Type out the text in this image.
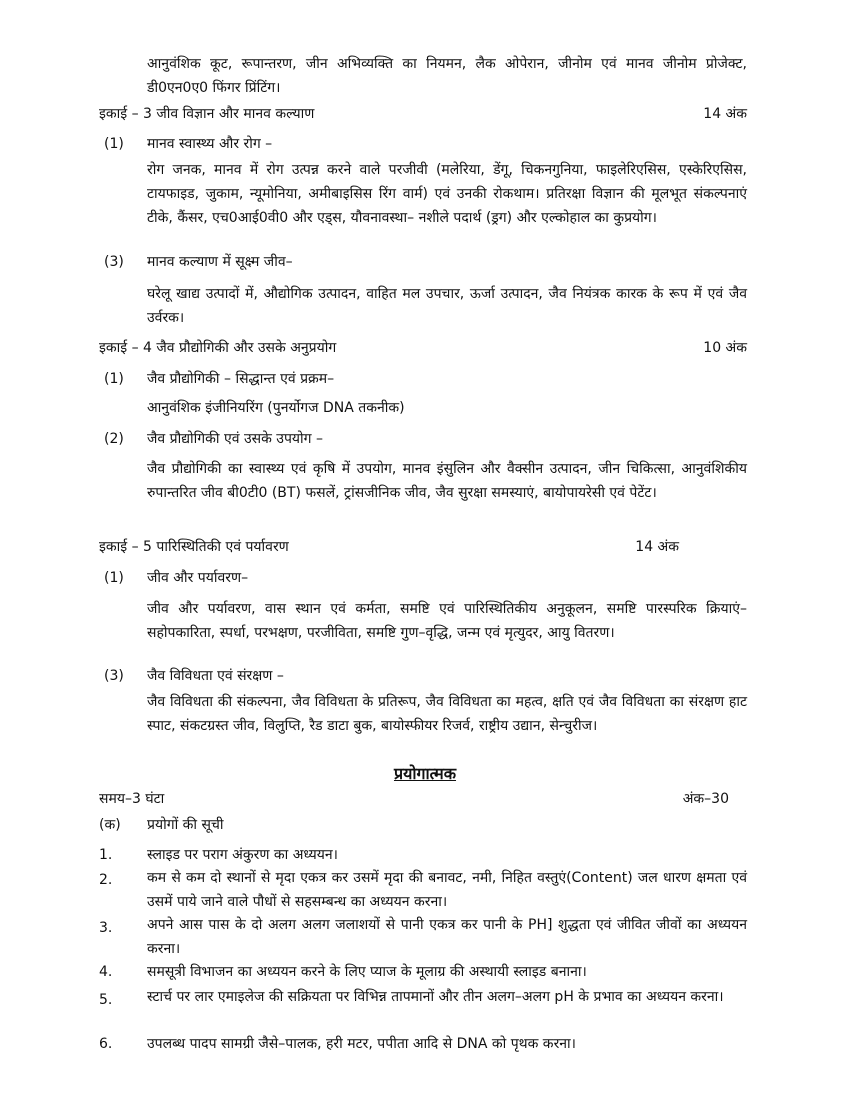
आनुवंशिक कूट, रूपान्तरण, जीन अभिव्यक्ति का नियमन, लैक ओपेरान, जीनोम एवं मानव जीनोम प्रोजेक्ट, डी0एन0ए0 फिंगर प्रिंटिंग।
इकाई – 3 जीव विज्ञान और मानव कल्याण	14 अंक
(1) मानव स्वास्थ्य और रोग –
रोग जनक, मानव में रोग उत्पन्न करने वाले परजीवी (मलेरिया, डेंगू, चिकनगुनिया, फाइलेरिएसिस, एस्केरिएसिस, टायफाइड, जुकाम, न्यूमोनिया, अमीबाइसिस रिंग वार्म) एवं उनकी रोकथाम। प्रतिरक्षा विज्ञान की मूलभूत संकल्पनाएं टीके, कैंसर, एच0आई0वी0 और एड्स, यौवनावस्था– नशीले पदार्थ (ड्रग) और एल्कोहाल का कुप्रयोग।
(3) मानव कल्याण में सूक्ष्म जीव–
घरेलू खाद्य उत्पादों में, औद्योगिक उत्पादन, वाहित मल उपचार, ऊर्जा उत्पादन, जैव नियंत्रक कारक के रूप में एवं जैव उर्वरक।
इकाई – 4 जैव प्रौद्योगिकी और उसके अनुप्रयोग	10 अंक
(1) जैव प्रौद्योगिकी – सिद्धान्त एवं प्रक्रम–
आनुवंशिक इंजीनियरिंग (पुनर्योगज DNA तकनीक)
(2) जैव प्रौद्योगिकी एवं उसके उपयोग –
जैव प्रौद्योगिकी का स्वास्थ्य एवं कृषि में उपयोग, मानव इंसुलिन और वैक्सीन उत्पादन, जीन चिकित्सा, आनुवंशिकीय रुपान्तरित जीव बी0टी0 (BT) फसलें, ट्रांसजीनिक जीव, जैव सुरक्षा समस्याएं, बायोपायरेसी एवं पेटेंट।
इकाई – 5 पारिस्थितिकी एवं पर्यावरण	14 अंक
(1) जीव और पर्यावरण–
जीव और पर्यावरण, वास स्थान एवं कर्मता, समष्टि एवं पारिस्थितिकीय अनुकूलन, समष्टि पारस्परिक क्रियाएं–सहोपकारिता, स्पर्धा, परभक्षण, परजीविता, समष्टि गुण–वृद्धि, जन्म एवं मृत्युदर, आयु वितरण।
(3) जैव विविधता एवं संरक्षण –
जैव विविधता की संकल्पना, जैव विविधता के प्रतिरूप, जैव विविधता का महत्व, क्षति एवं जैव विविधता का संरक्षण हाट स्पाट, संकटग्रस्त जीव, विलुप्ति, रैड डाटा बुक, बायोस्फीयर रिजर्व, राष्ट्रीय उद्यान, सेन्चुरीज।
प्रयोगात्मक
समय–3 घंटा	अंक–30
(क) प्रयोगों की सूची
1. स्लाइड पर पराग अंकुरण का अध्ययन।
2. कम से कम दो स्थानों से मृदा एकत्र कर उसमें मृदा की बनावट, नमी, निहित वस्तुएं(Content) जल धारण क्षमता एवं उसमें पाये जाने वाले पौधों से सहसम्बन्ध का अध्ययन करना।
3. अपने आस पास के दो अलग अलग जलाशयों से पानी एकत्र कर पानी के PH] शुद्धता एवं जीवित जीवों का अध्ययन करना।
4. समसूत्री विभाजन का अध्ययन करने के लिए प्याज के मूलाग्र की अस्थायी स्लाइड बनाना।
5. स्टार्च पर लार एमाइलेज की सक्रियता पर विभिन्न तापमानों और तीन अलग–अलग pH के प्रभाव का अध्ययन करना।
6. उपलब्ध पादप सामग्री जैसे–पालक, हरी मटर, पपीता आदि से DNA को पृथक करना।
